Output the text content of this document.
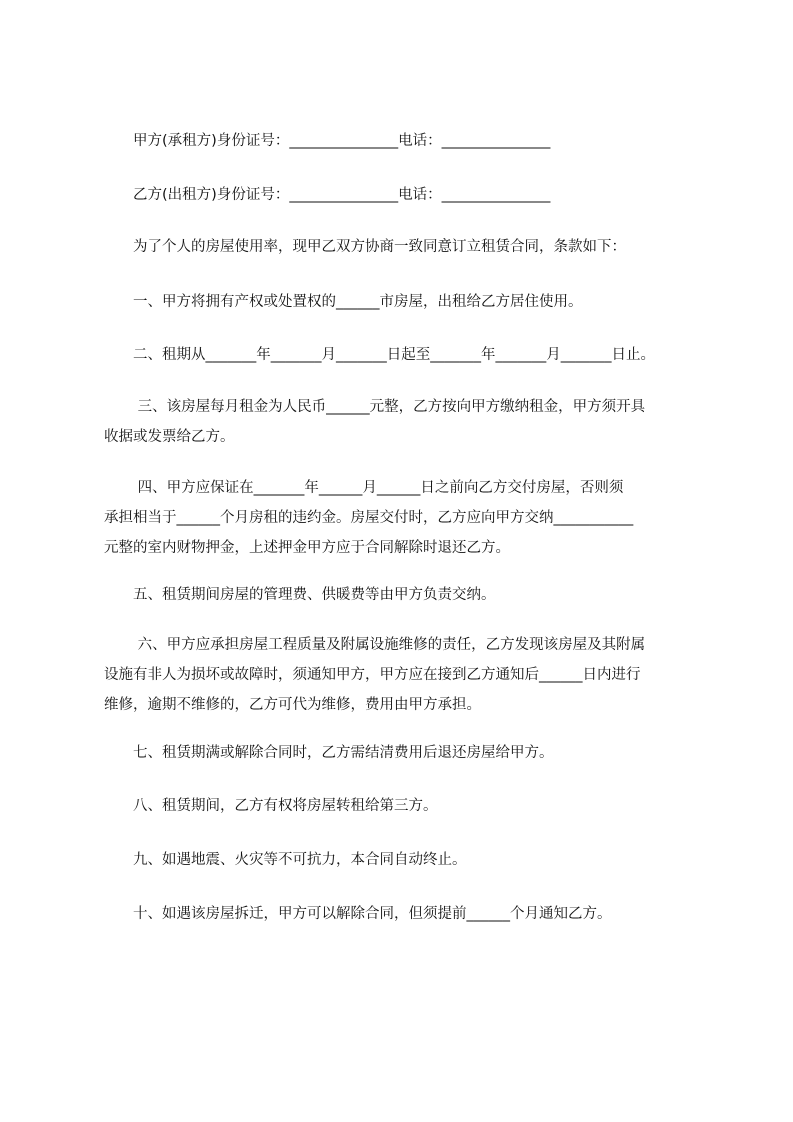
　　甲方(承租方)身份证号：_______________电话：_______________

　　乙方(出租方)身份证号：_______________电话：_______________

　　为了个人的房屋使用率，现甲乙双方协商一致同意订立租赁合同，条款如下：

　　一、甲方将拥有产权或处置权的______市房屋，出租给乙方居住使用。

　　二、租期从_______年_______月_______日起至_______年_______月_______日止。

　　 三、该房屋每月租金为人民币______元整，乙方按向甲方缴纳租金，甲方须开具
收据或发票给乙方。

　　 四、甲方应保证在_______年______月______日之前向乙方交付房屋，否则须
承担相当于______个月房租的违约金。房屋交付时，乙方应向甲方交纳___________
元整的室内财物押金，上述押金甲方应于合同解除时退还乙方。

　　五、租赁期间房屋的管理费、供暖费等由甲方负责交纳。

　　 六、甲方应承担房屋工程质量及附属设施维修的责任，乙方发现该房屋及其附属
设施有非人为损坏或故障时，须通知甲方，甲方应在接到乙方通知后______日内进行
维修，逾期不维修的，乙方可代为维修，费用由甲方承担。

　　七、租赁期满或解除合同时，乙方需结清费用后退还房屋给甲方。

　　八、租赁期间，乙方有权将房屋转租给第三方。

　　九、如遇地震、火灾等不可抗力，本合同自动终止。

　　十、如遇该房屋拆迁，甲方可以解除合同，但须提前______个月通知乙方。
